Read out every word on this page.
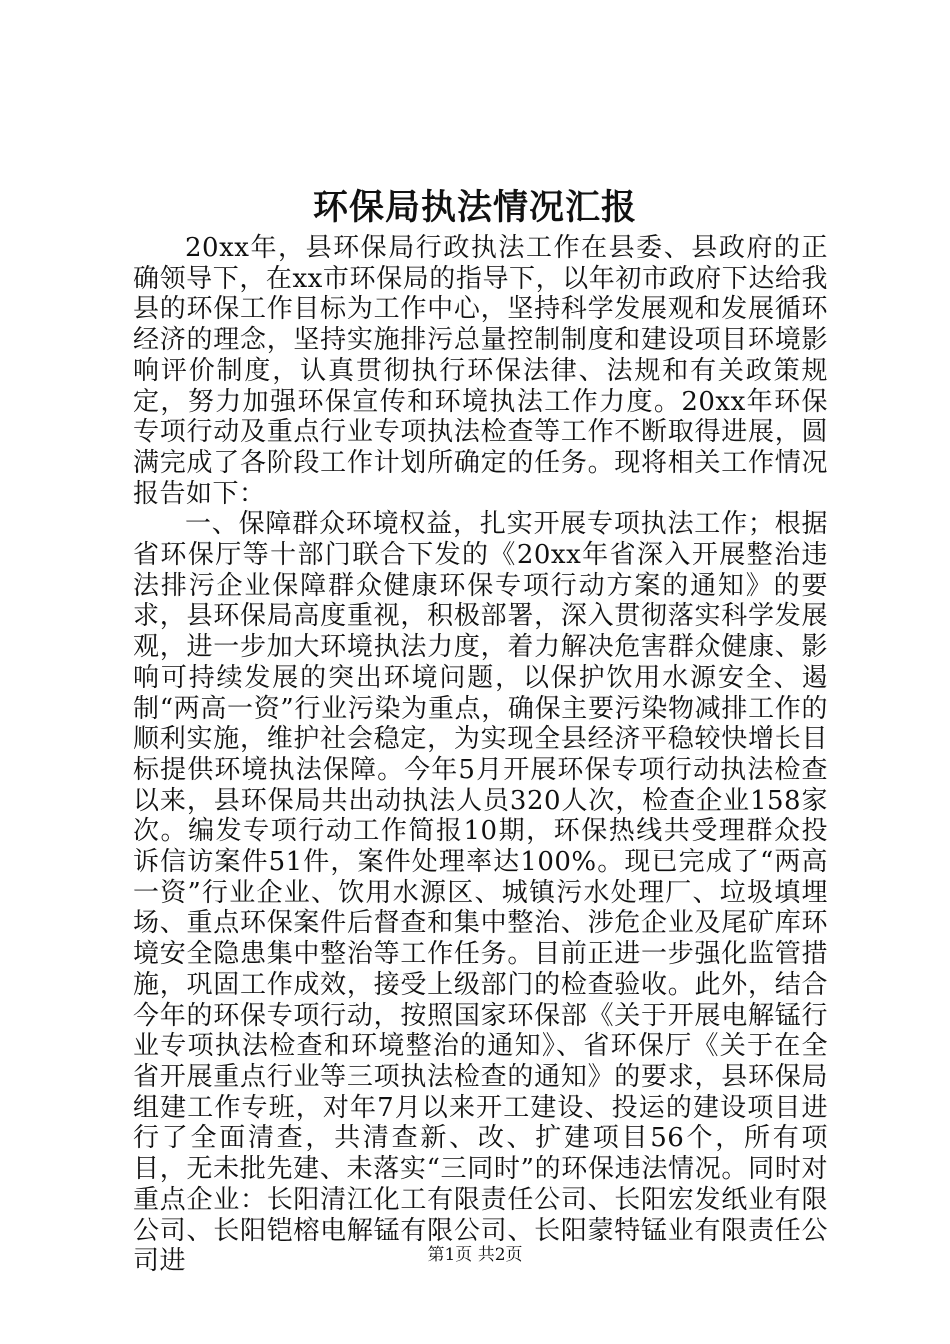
环保局执法情况汇报

20xx年，县环保局行政执法工作在县委、县政府的正确领导下，在xx市环保局的指导下，以年初市政府下达给我县的环保工作目标为工作中心，坚持科学发展观和发展循环经济的理念，坚持实施排污总量控制制度和建设项目环境影响评价制度，认真贯彻执行环保法律、法规和有关政策规定，努力加强环保宣传和环境执法工作力度。20xx年环保专项行动及重点行业专项执法检查等工作不断取得进展，圆满完成了各阶段工作计划所确定的任务。现将相关工作情况报告如下：

一、保障群众环境权益，扎实开展专项执法工作；根据省环保厅等十部门联合下发的《20xx年省深入开展整治违法排污企业保障群众健康环保专项行动方案的通知》的要求，县环保局高度重视，积极部署，深入贯彻落实科学发展观，进一步加大环境执法力度，着力解决危害群众健康、影响可持续发展的突出环境问题，以保护饮用水源安全、遏制“两高一资”行业污染为重点，确保主要污染物减排工作的顺利实施，维护社会稳定，为实现全县经济平稳较快增长目标提供环境执法保障。今年5月开展环保专项行动执法检查以来，县环保局共出动执法人员320人次，检查企业158家次。编发专项行动工作简报10期，环保热线共受理群众投诉信访案件51件，案件处理率达100%。现已完成了“两高一资”行业企业、饮用水源区、城镇污水处理厂、垃圾填埋场、重点环保案件后督查和集中整治、涉危企业及尾矿库环境安全隐患集中整治等工作任务。目前正进一步强化监管措施，巩固工作成效，接受上级部门的检查验收。此外，结合今年的环保专项行动，按照国家环保部《关于开展电解锰行业专项执法检查和环境整治的通知》、省环保厅《关于在全省开展重点行业等三项执法检查的通知》的要求，县环保局组建工作专班，对年7月以来开工建设、投运的建设项目进行了全面清查，共清查新、改、扩建项目56个，所有项目，无未批先建、未落实“三同时”的环保违法情况。同时对重点企业：长阳清江化工有限责任公司、长阳宏发纸业有限公司、长阳铠榕电解锰有限公司、长阳蒙特锰业有限责任公司进	第1页 共2页
